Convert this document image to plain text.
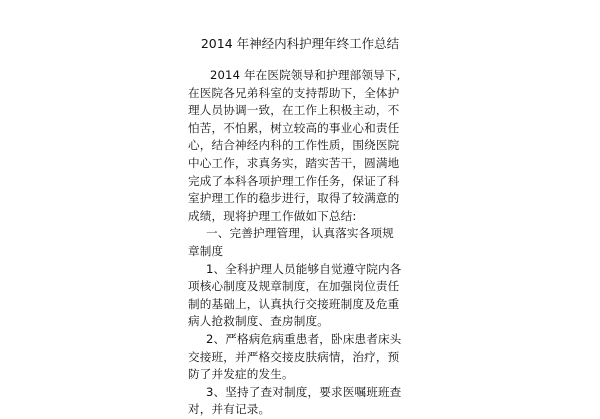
2014 年神经内科护理年终工作总结
2014 年在医院领导和护理部领导下,
在医院各兄弟科室的支持帮助下，全体护
理人员协调一致，在工作上积极主动，不
怕苦，不怕累，树立较高的事业心和责任
心，结合神经内科的工作性质，围绕医院
中心工作，求真务实，踏实苦干，圆满地
完成了本科各项护理工作任务，保证了科
室护理工作的稳步进行，取得了较满意的
成绩，现将护理工作做如下总结:
一、完善护理管理，认真落实各项规
章制度
1、全科护理人员能够自觉遵守院内各
项核心制度及规章制度，在加强岗位责任
制的基础上，认真执行交接班制度及危重
病人抢救制度、查房制度。
2、严格病危病重患者，卧床患者床头
交接班，并严格交接皮肤病情，治疗，预
防了并发症的发生。
3、坚持了查对制度，要求医嘱班班查
对，并有记录。
